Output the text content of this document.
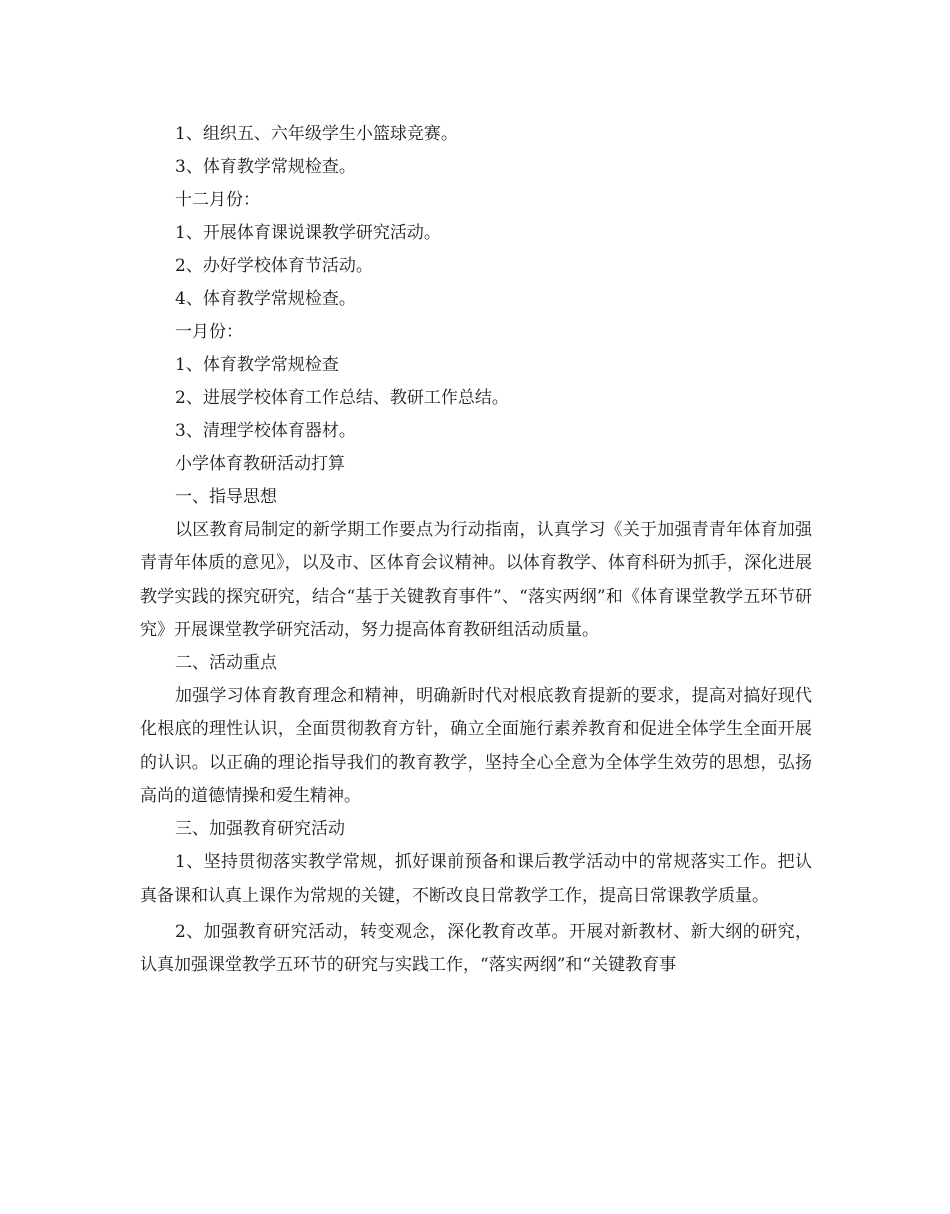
1、组织五、六年级学生小篮球竞赛。
3、体育教学常规检查。
十二月份：
1、开展体育课说课教学研究活动。
2、办好学校体育节活动。
4、体育教学常规检查。
一月份：
1、体育教学常规检查
2、进展学校体育工作总结、教研工作总结。
3、清理学校体育器材。
小学体育教研活动打算
一、指导思想

以区教育局制定的新学期工作要点为行动指南，认真学习《关于加强青青年体育加强青青年体质的意见》，以及市、区体育会议精神。以体育教学、体育科研为抓手，深化进展教学实践的探究研究，结合“基于关键教育事件”、“落实两纲”和《体育课堂教学五环节研究》开展课堂教学研究活动，努力提高体育教研组活动质量。

二、活动重点

加强学习体育教育理念和精神，明确新时代对根底教育提新的要求，提高对搞好现代化根底的理性认识，全面贯彻教育方针，确立全面施行素养教育和促进全体学生全面开展的认识。以正确的理论指导我们的教育教学，坚持全心全意为全体学生效劳的思想，弘扬高尚的道德情操和爱生精神。

三、加强教育研究活动

1、坚持贯彻落实教学常规，抓好课前预备和课后教学活动中的常规落实工作。把认真备课和认真上课作为常规的关键，不断改良日常教学工作，提高日常课教学质量。

2、加强教育研究活动，转变观念，深化教育改革。开展对新教材、新大纲的研究，认真加强课堂教学五环节的研究与实践工作，“落实两纲”和“关键教育事
